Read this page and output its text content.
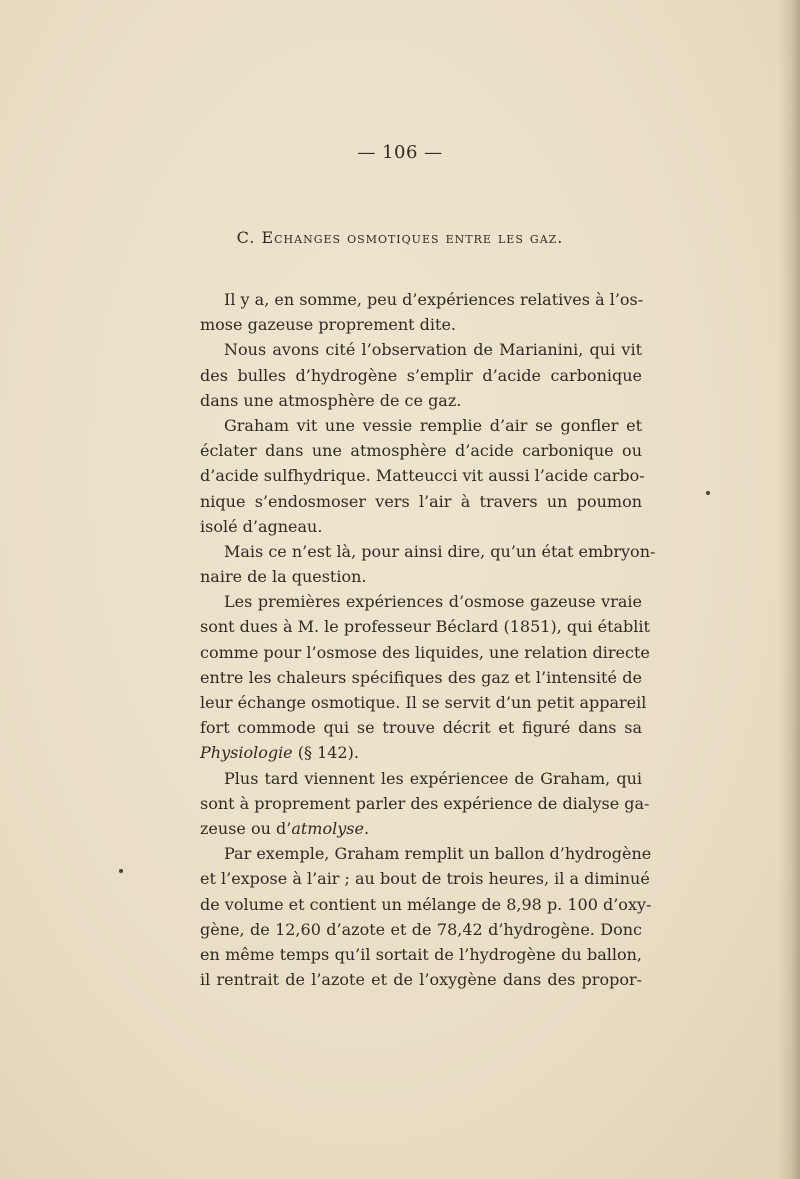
— 106 —
C. Echanges osmotiques entre les gaz.
Il y a, en somme, peu d’expériences relatives à l’os-
mose gazeuse proprement dite.
Nous avons cité l’observation de Marianini, qui vit
des bulles d’hydrogène s’emplir d’acide carbonique
dans une atmosphère de ce gaz.
Graham vit une vessie remplie d’air se gonfler et
éclater dans une atmosphère d’acide carbonique ou
d’acide sulfhydrique. Matteucci vit aussi l’acide carbo-
nique s’endosmoser vers l’air à travers un poumon
isolé d’agneau.
Mais ce n’est là, pour ainsi dire, qu’un état embryon-
naire de la question.
Les premières expériences d’osmose gazeuse vraie
sont dues à M. le professeur Béclard (1851), qui établit
comme pour l’osmose des liquides, une relation directe
entre les chaleurs spécifiques des gaz et l’intensité de
leur échange osmotique. Il se servit d’un petit appareil
fort commode qui se trouve décrit et figuré dans sa
Physiologie (§ 142).
Plus tard viennent les expériencee de Graham, qui
sont à proprement parler des expérience de dialyse ga-
zeuse ou d’atmolyse.
Par exemple, Graham remplit un ballon d’hydrogène
et l’expose à l’air ; au bout de trois heures, il a diminué
de volume et contient un mélange de 8,98 p. 100 d’oxy-
gène, de 12,60 d’azote et de 78,42 d’hydrogène. Donc
en même temps qu’il sortait de l’hydrogène du ballon,
il rentrait de l’azote et de l’oxygène dans des propor-
